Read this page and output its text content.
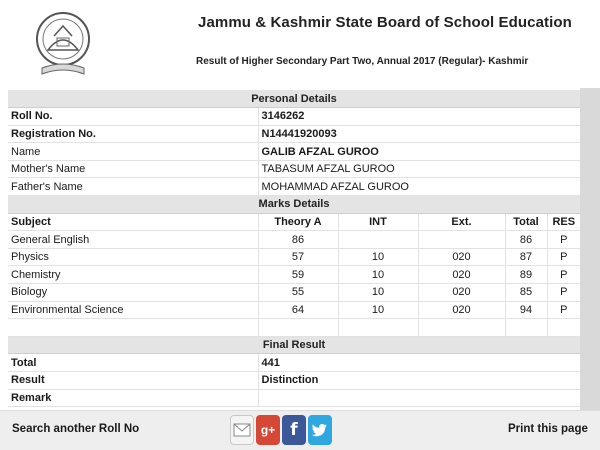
Jammu & Kashmir State Board of School Education
Result of Higher Secondary Part Two, Annual 2017 (Regular)- Kashmir
Personal Details					
Roll No.	3146262				
Registration No.	N14441920093				
Name	GALIB AFZAL GUROO				
Mother's Name	TABASUM AFZAL GUROO				
Father's Name	MOHAMMAD AFZAL GUROO				
Marks Details					
Subject	Theory A	INT	Ext.	Total	RES
General English	86			86	P
Physics	57	10	020	87	P
Chemistry	59	10	020	89	P
Biology	55	10	020	85	P
Environmental Science	64	10	020	94	P

Final Result					
Total	441				
Result	Distinction				
Remark					
Search another Roll No	g+ f	Print this page
